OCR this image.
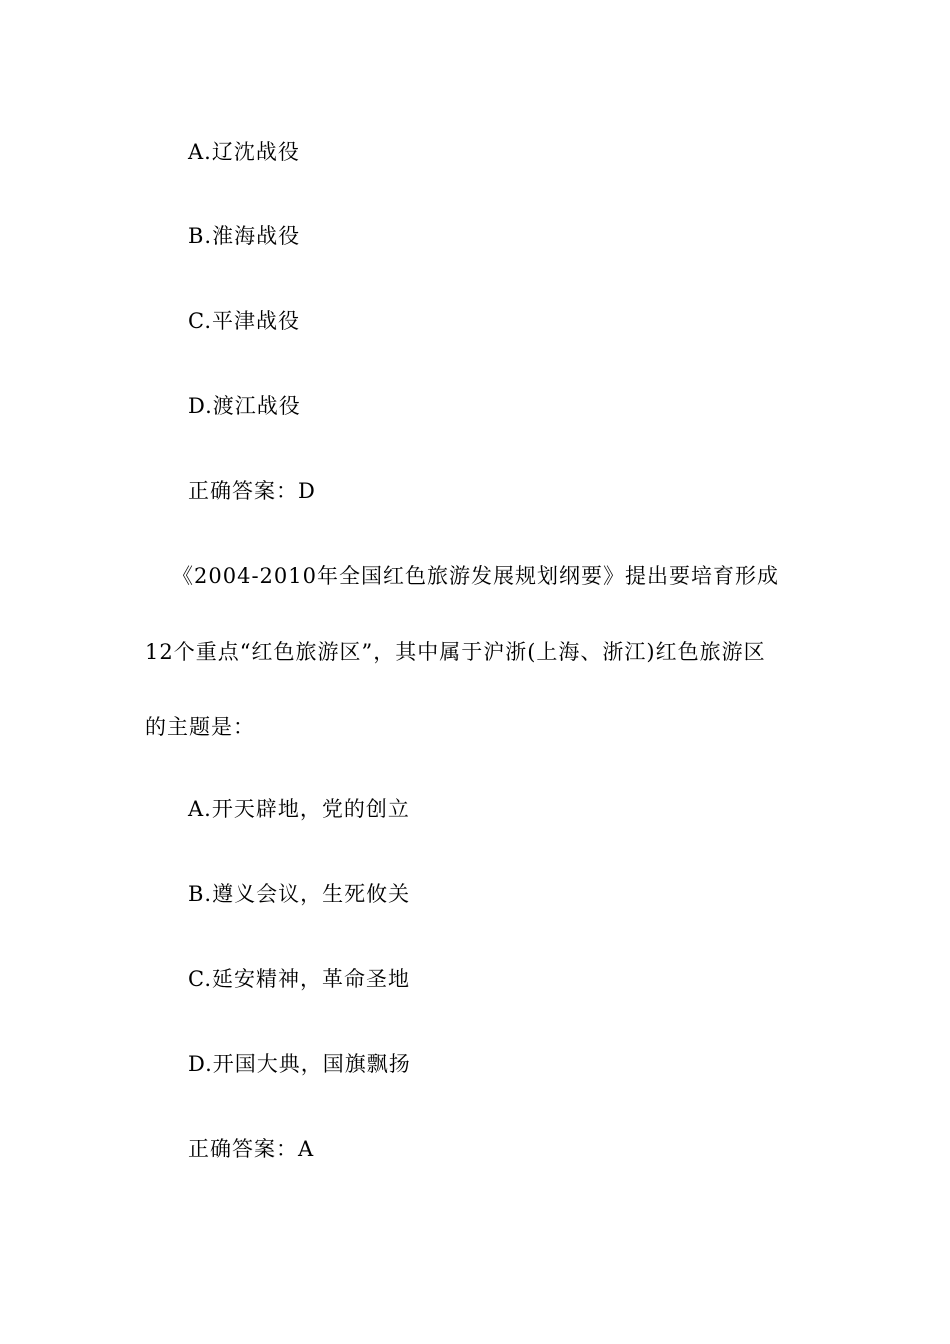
A.辽沈战役
B.淮海战役
C.平津战役
D.渡江战役
正确答案：D
《2004-2010年全国红色旅游发展规划纲要》提出要培育形成
12个重点“红色旅游区”，其中属于沪浙(上海、浙江)红色旅游区
的主题是：
A.开天辟地，党的创立
B.遵义会议，生死攸关
C.延安精神，革命圣地
D.开国大典，国旗飘扬
正确答案：A
